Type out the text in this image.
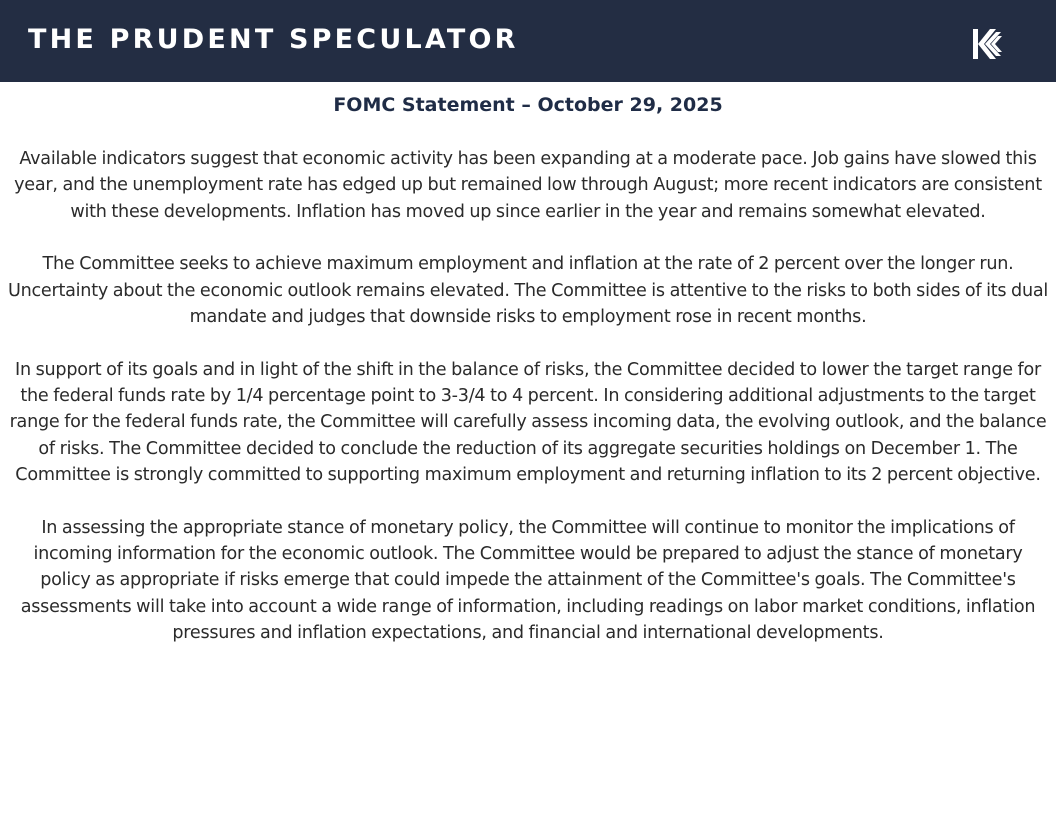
THE PRUDENT SPECULATOR
FOMC Statement – October 29, 2025

Available indicators suggest that economic activity has been expanding at a moderate pace. Job gains have slowed this year, and the unemployment rate has edged up but remained low through August; more recent indicators are consistent with these developments. Inflation has moved up since earlier in the year and remains somewhat elevated.

The Committee seeks to achieve maximum employment and inflation at the rate of 2 percent over the longer run. Uncertainty about the economic outlook remains elevated. The Committee is attentive to the risks to both sides of its dual mandate and judges that downside risks to employment rose in recent months.

In support of its goals and in light of the shift in the balance of risks, the Committee decided to lower the target range for the federal funds rate by 1/4 percentage point to 3-3/4 to 4 percent. In considering additional adjustments to the target range for the federal funds rate, the Committee will carefully assess incoming data, the evolving outlook, and the balance of risks. The Committee decided to conclude the reduction of its aggregate securities holdings on December 1. The Committee is strongly committed to supporting maximum employment and returning inflation to its 2 percent objective.

In assessing the appropriate stance of monetary policy, the Committee will continue to monitor the implications of incoming information for the economic outlook. The Committee would be prepared to adjust the stance of monetary policy as appropriate if risks emerge that could impede the attainment of the Committee's goals. The Committee's assessments will take into account a wide range of information, including readings on labor market conditions, inflation pressures and inflation expectations, and financial and international developments.
